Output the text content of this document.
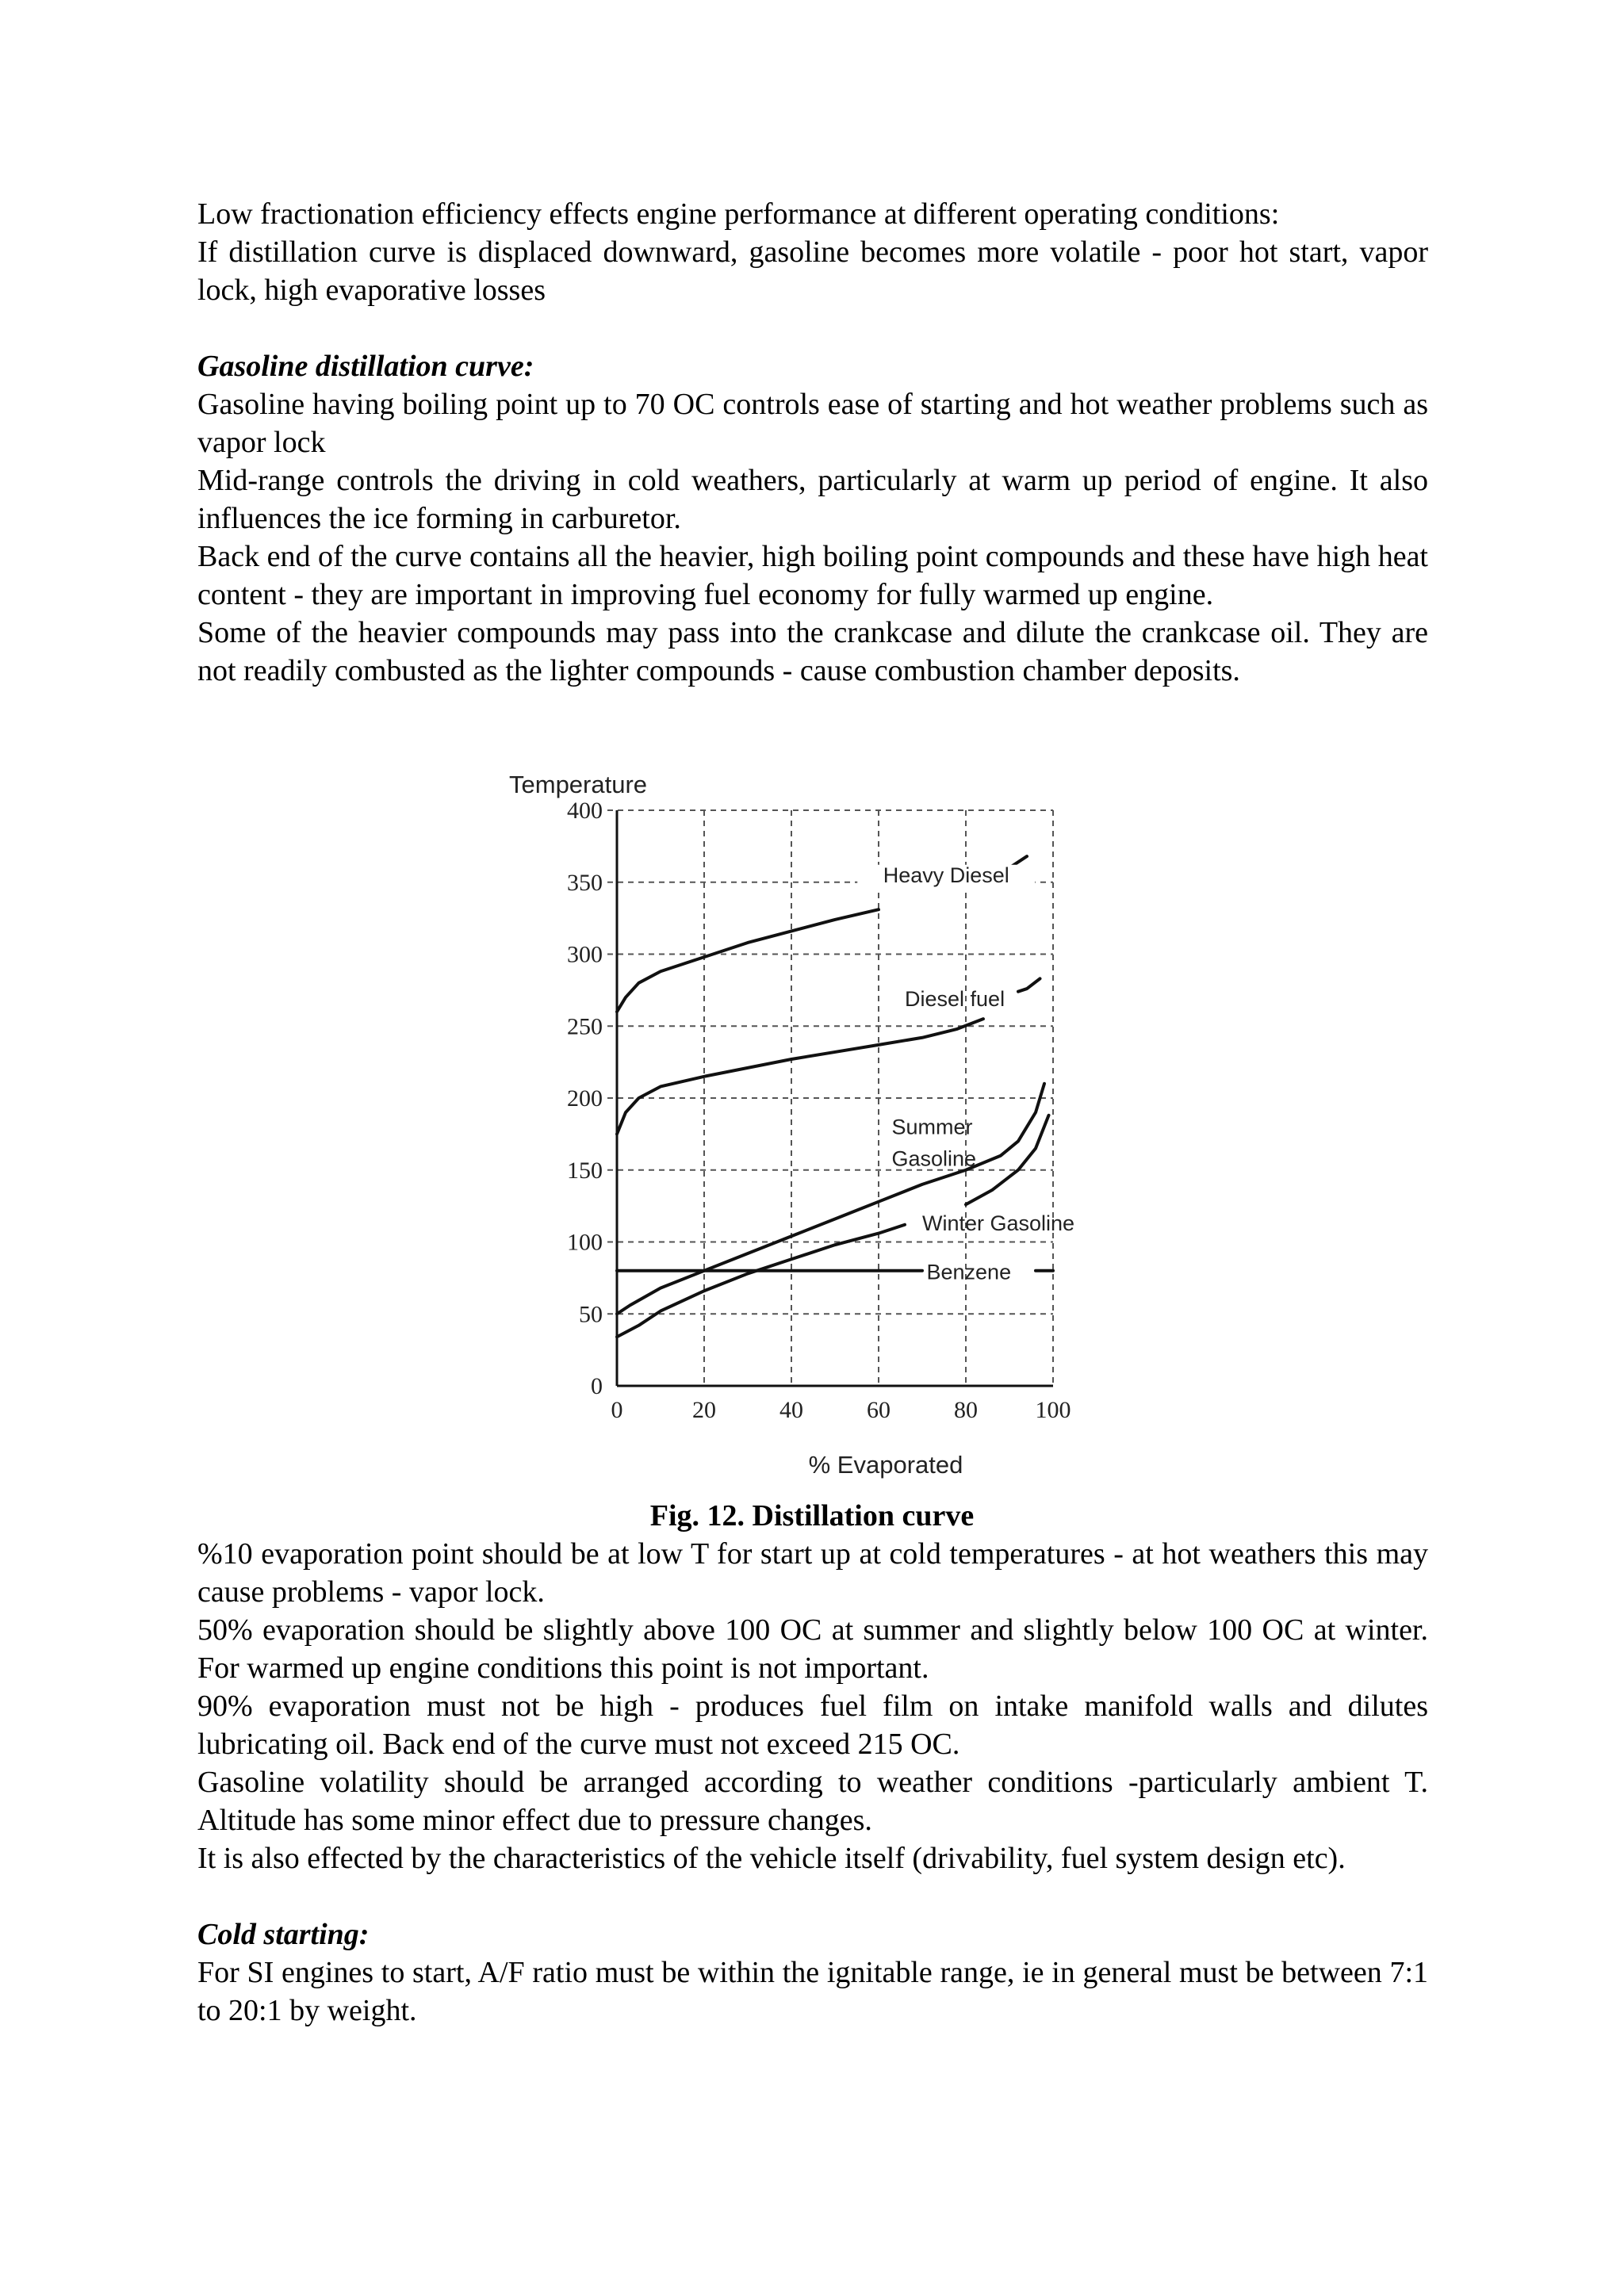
Low fractionation efficiency effects engine performance at different operating conditions:

If distillation curve is displaced downward, gasoline becomes more volatile - poor hot start, vapor lock, high evaporative losses

Gasoline distillation curve:

Gasoline having boiling point up to 70 OC controls ease of starting and hot weather problems such as vapor lock

Mid-range controls the driving in cold weathers, particularly at warm up period of engine. It also influences the ice forming in carburetor.

Back end of the curve contains all the heavier, high boiling point compounds and these have high heat content - they are important in improving fuel economy for fully warmed up engine.

Some of the heavier compounds may pass into the crankcase and dilute the crankcase oil. They are not readily combusted as the lighter compounds - cause combustion chamber deposits.

Temperature
% Evaporated
0
50
100
150
200
250
300
350
400
0	20	40	60	80 100
Heavy Diesel
Diesel fuel
Winter Gasoline
Benzene
Summer
Gasoline
Fig. 12. Distillation curve

%10 evaporation point should be at low T for start up at cold temperatures - at hot weathers this may cause problems - vapor lock.

50% evaporation should be slightly above 100 OC at summer and slightly below 100 OC at winter. For warmed up engine conditions this point is not important.

90% evaporation must not be high - produces fuel film on intake manifold walls and dilutes lubricating oil. Back end of the curve must not exceed 215 OC.

Gasoline volatility should be arranged according to weather conditions -particularly ambient T. Altitude has some minor effect due to pressure changes.

It is also effected by the characteristics of the vehicle itself (drivability, fuel system design etc).

Cold starting:

For SI engines to start, A/F ratio must be within the ignitable range, ie in general must be between 7:1 to 20:1 by weight.
